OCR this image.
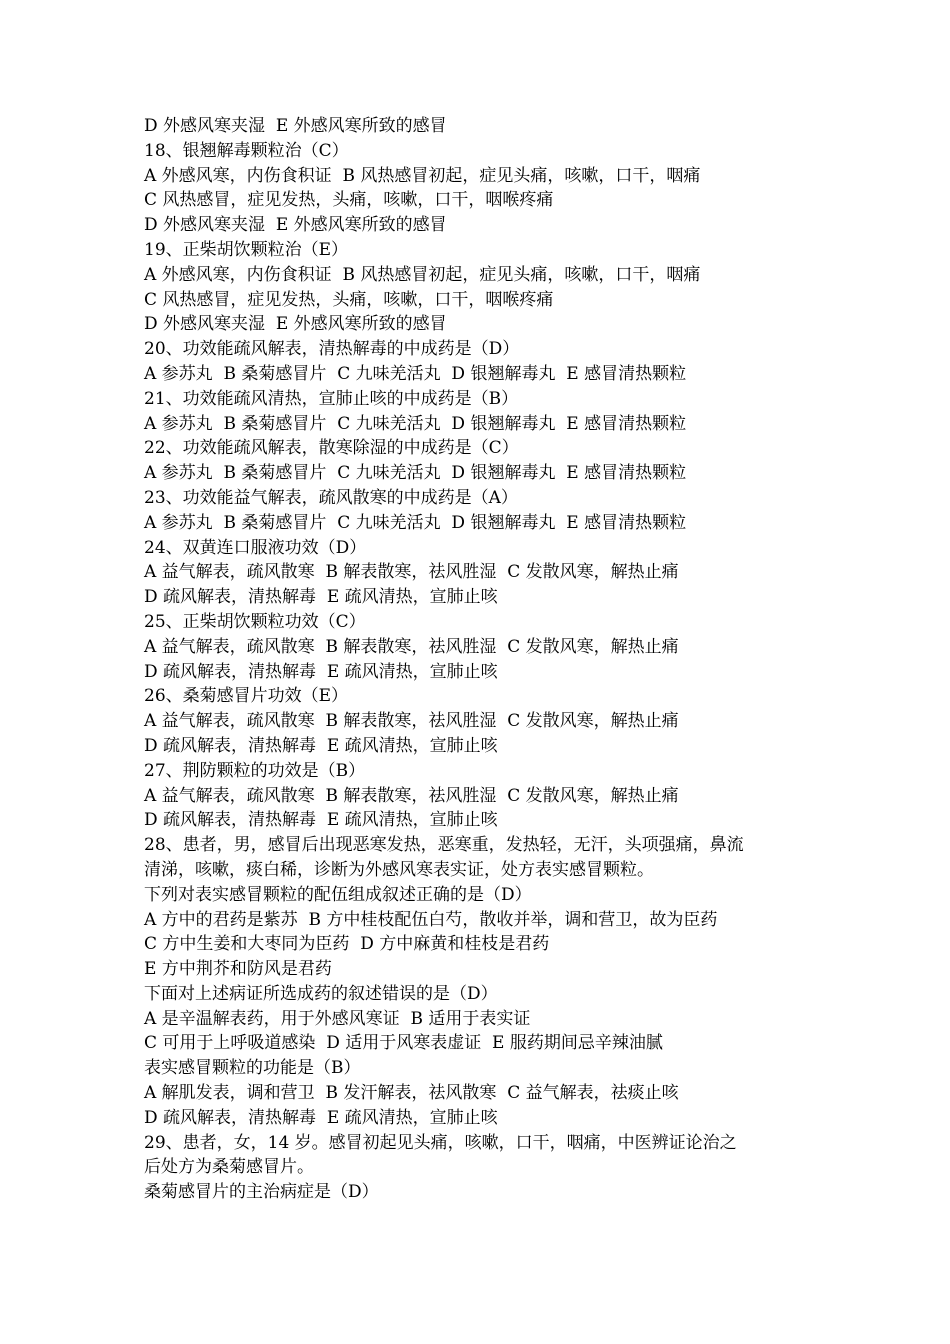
D 外感风寒夹湿  E 外感风寒所致的感冒
18、银翘解毒颗粒治（C）
A 外感风寒，内伤食积证  B 风热感冒初起，症见头痛，咳嗽，口干，咽痛
C 风热感冒，症见发热，头痛，咳嗽，口干，咽喉疼痛
D 外感风寒夹湿  E 外感风寒所致的感冒
19、正柴胡饮颗粒治（E）
A 外感风寒，内伤食积证  B 风热感冒初起，症见头痛，咳嗽，口干，咽痛
C 风热感冒，症见发热，头痛，咳嗽，口干，咽喉疼痛
D 外感风寒夹湿  E 外感风寒所致的感冒
20、功效能疏风解表，清热解毒的中成药是（D）
A 参苏丸  B 桑菊感冒片  C 九味羌活丸  D 银翘解毒丸  E 感冒清热颗粒
21、功效能疏风清热，宣肺止咳的中成药是（B）
A 参苏丸  B 桑菊感冒片  C 九味羌活丸  D 银翘解毒丸  E 感冒清热颗粒
22、功效能疏风解表，散寒除湿的中成药是（C）
A 参苏丸  B 桑菊感冒片  C 九味羌活丸  D 银翘解毒丸  E 感冒清热颗粒
23、功效能益气解表，疏风散寒的中成药是（A）
A 参苏丸  B 桑菊感冒片  C 九味羌活丸  D 银翘解毒丸  E 感冒清热颗粒
24、双黄连口服液功效（D）
A 益气解表，疏风散寒  B 解表散寒，祛风胜湿  C 发散风寒，解热止痛
D 疏风解表，清热解毒  E 疏风清热，宣肺止咳
25、正柴胡饮颗粒功效（C）
A 益气解表，疏风散寒  B 解表散寒，祛风胜湿  C 发散风寒，解热止痛
D 疏风解表，清热解毒  E 疏风清热，宣肺止咳
26、桑菊感冒片功效（E）
A 益气解表，疏风散寒  B 解表散寒，祛风胜湿  C 发散风寒，解热止痛
D 疏风解表，清热解毒  E 疏风清热，宣肺止咳
27、荆防颗粒的功效是（B）
A 益气解表，疏风散寒  B 解表散寒，祛风胜湿  C 发散风寒，解热止痛
D 疏风解表，清热解毒  E 疏风清热，宣肺止咳
28、患者，男，感冒后出现恶寒发热，恶寒重，发热轻，无汗，头项强痛，鼻流
清涕，咳嗽，痰白稀，诊断为外感风寒表实证，处方表实感冒颗粒。
下列对表实感冒颗粒的配伍组成叙述正确的是（D）
A 方中的君药是紫苏  B 方中桂枝配伍白芍，散收并举，调和营卫，故为臣药
C 方中生姜和大枣同为臣药  D 方中麻黄和桂枝是君药
E 方中荆芥和防风是君药
下面对上述病证所选成药的叙述错误的是（D）
A 是辛温解表药，用于外感风寒证  B 适用于表实证
C 可用于上呼吸道感染  D 适用于风寒表虚证  E 服药期间忌辛辣油腻
表实感冒颗粒的功能是（B）
A 解肌发表，调和营卫  B 发汗解表，祛风散寒  C 益气解表，祛痰止咳
D 疏风解表，清热解毒  E 疏风清热，宣肺止咳
29、患者，女，14 岁。感冒初起见头痛，咳嗽，口干，咽痛，中医辨证论治之
后处方为桑菊感冒片。
桑菊感冒片的主治病症是（D）
